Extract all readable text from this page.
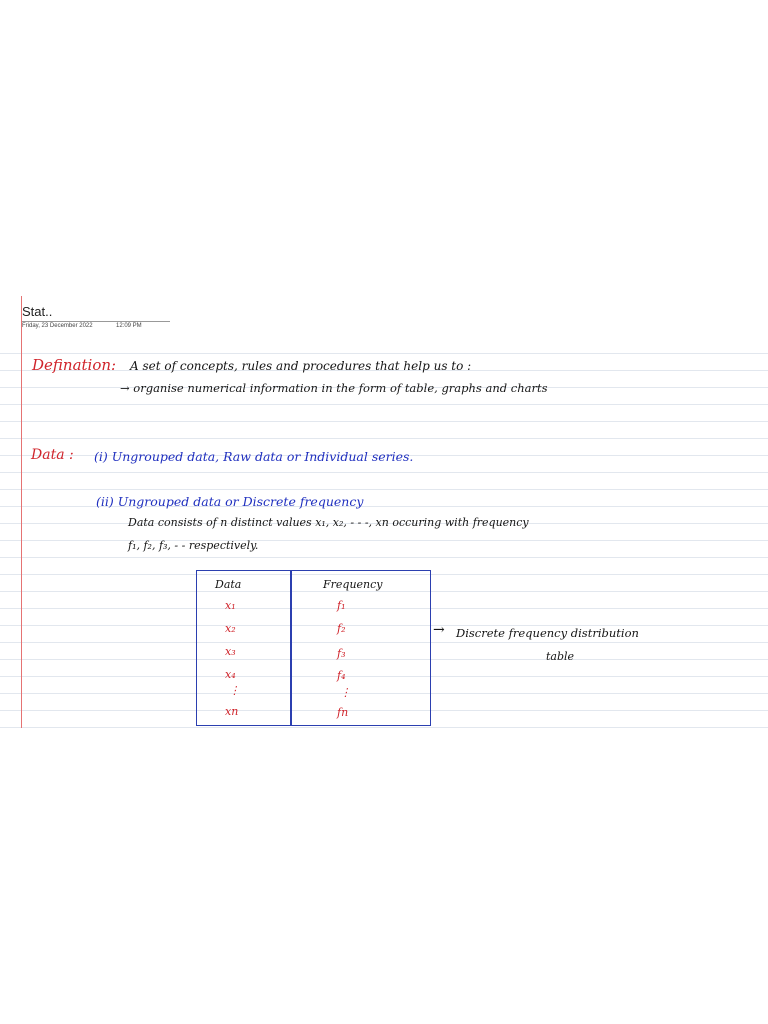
Stat..
Friday, 23 December 2022	12:09 PM
Defination: A set of concepts, rules and procedures that help us to :
→ organise numerical information in the form of table, graphs and charts
Data : (i) Ungrouped data, Raw data or Individual series.
(ii) Ungrouped data or Discrete frequency
Data consists of n distinct values x₁, x₂, - - -, xn occuring with frequency
f₁, f₂, f₃, - - respectively.
Data	Frequency
x₁
x₂
x₃
x₄
⋮
xn
f₁
f₂
f₃
f₄
⋮
fn
→ Discrete frequency distribution
table
